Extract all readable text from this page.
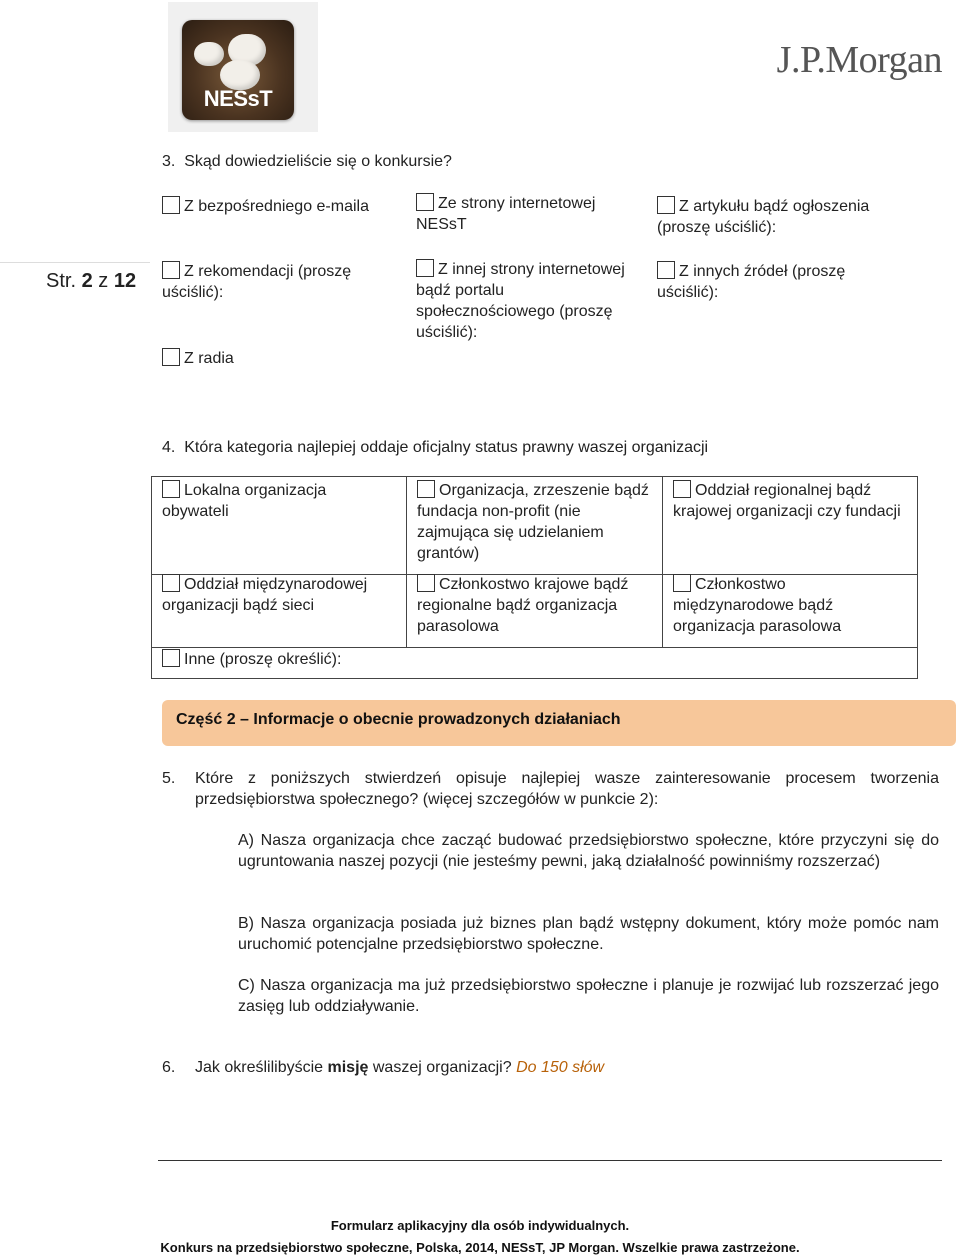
NESsT
J.P.Morgan
Str. 2 z 12
3.  Skąd dowiedzieliście się o konkursie?
Z bezpośredniego e-maila	Ze strony internetowej NESsT
Z artykułu bądź ogłoszenia (proszę uściślić):
Z rekomendacji (proszę uściślić):
Z innej strony internetowej bądź portalu społecznościowego (proszę uściślić):
Z innych źródeł (proszę uściślić):
Z radia
4.  Która kategoria najlepiej oddaje oficjalny status prawny waszej organizacji
Lokalna organizacja obywateli
Organizacja, zrzeszenie bądź fundacja non-profit (nie zajmująca się udzielaniem grantów)
Oddział regionalnej bądź krajowej organizacji czy fundacji
Oddział międzynarodowej organizacji bądź sieci
Członkostwo krajowe bądź regionalne bądź organizacja parasolowa
Członkostwo międzynarodowe bądź organizacja parasolowa
Inne (proszę określić):
Część 2 – Informacje o obecnie prowadzonych działaniach
5. Które z poniższych stwierdzeń opisuje najlepiej wasze zainteresowanie procesem tworzenia przedsiębiorstwa społecznego? (więcej szczegółów w punkcie 2):
A) Nasza organizacja chce zacząć budować przedsiębiorstwo społeczne, które przyczyni się do ugruntowania naszej pozycji (nie jesteśmy pewni, jaką działalność powinniśmy rozszerzać)
B) Nasza organizacja posiada już biznes plan bądź wstępny dokument, który może pomóc nam uruchomić potencjalne przedsiębiorstwo społeczne.
C) Nasza organizacja ma już przedsiębiorstwo społeczne i planuje je rozwijać lub rozszerzać jego zasięg lub oddziaływanie.
6. Jak określilibyście misję waszej organizacji? Do 150 słów
Formularz aplikacyjny dla osób indywidualnych.
Konkurs na przedsiębiorstwo społeczne, Polska, 2014, NESsT, JP Morgan. Wszelkie prawa zastrzeżone.
